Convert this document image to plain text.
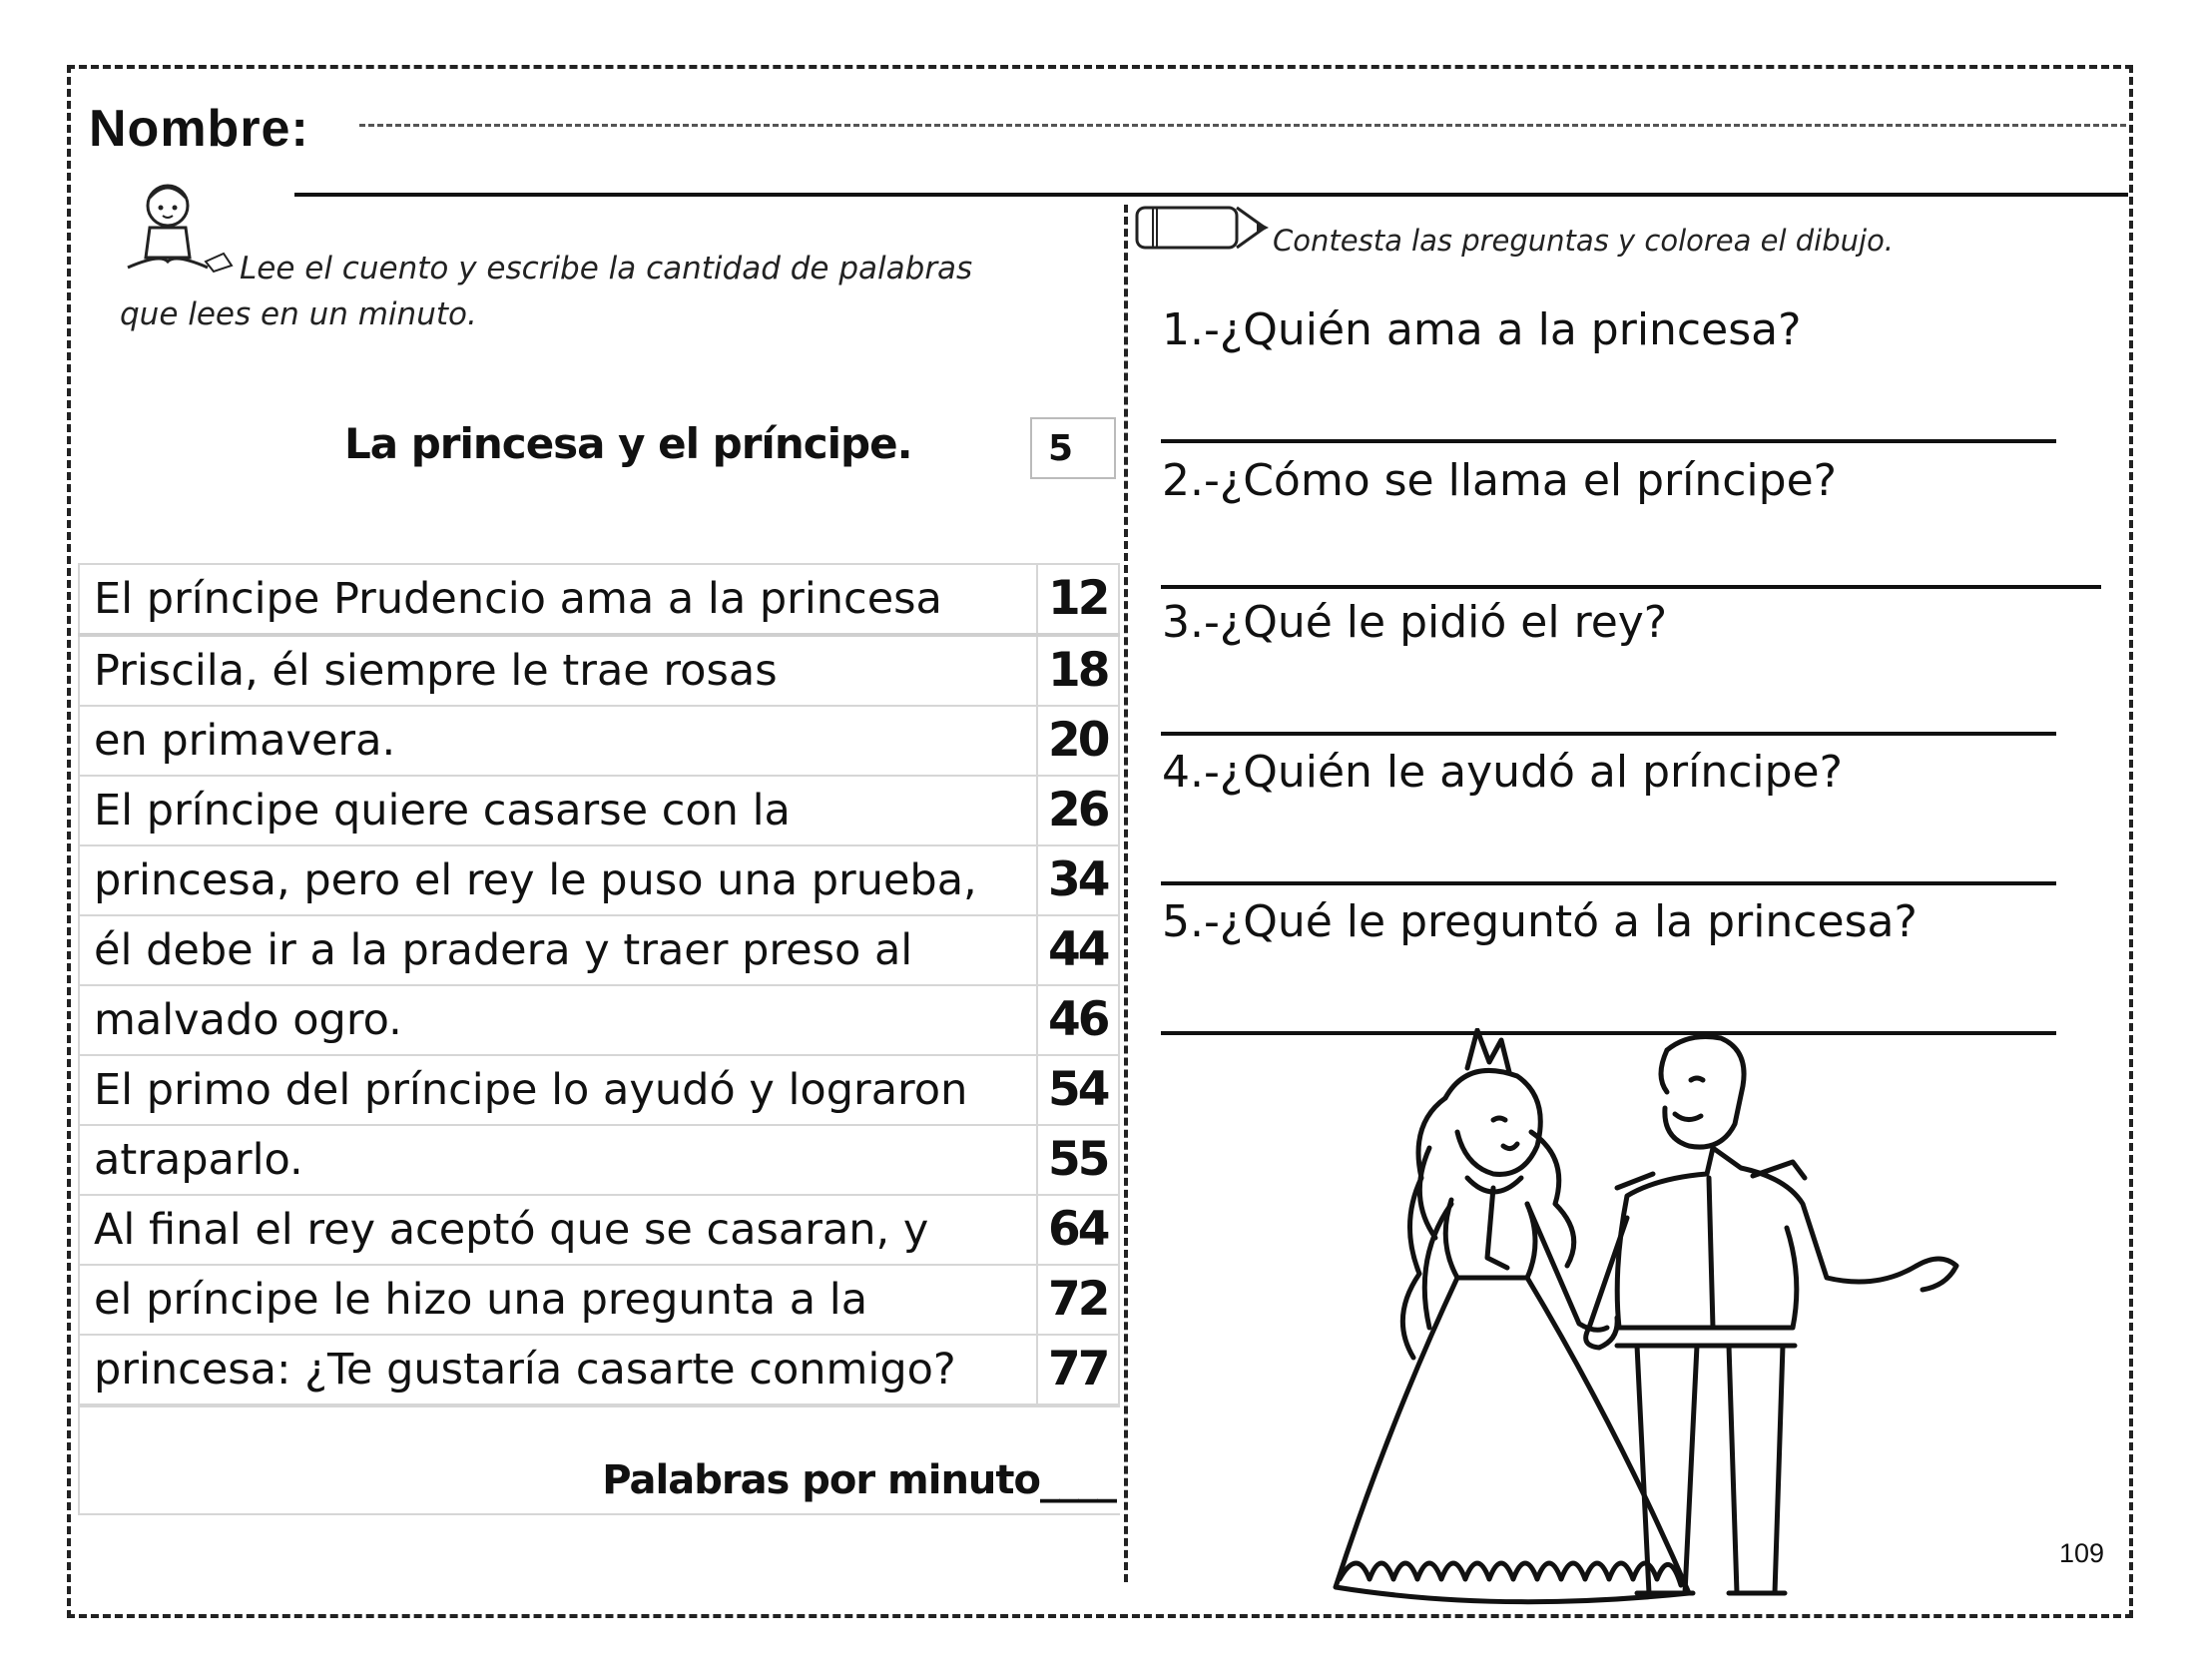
Nombre:
Lee el cuento y escribe la cantidad de palabras que lees en un minuto.
La princesa y el príncipe.	5
El príncipe Prudencio ama a la princesa	12
Priscila, él siempre le trae rosas	18
en primavera.	20
El príncipe quiere casarse con la	26
princesa, pero el rey le puso una prueba,	34
él debe ir a la pradera y traer preso al	44
malvado ogro.	46
El primo del príncipe lo ayudó y lograron	54
atraparlo.	55
Al final el rey aceptó que se casaran, y	64
el príncipe le hizo una pregunta a la	72
princesa: ¿Te gustaría casarte conmigo?	77
Palabras por minuto____
Contesta las preguntas y colorea el dibujo.
1.-¿Quién ama a la princesa?
2.-¿Cómo se llama el príncipe?
3.-¿Qué le pidió el rey?
4.-¿Quién le ayudó al príncipe?
5.-¿Qué le preguntó a la princesa?
109
